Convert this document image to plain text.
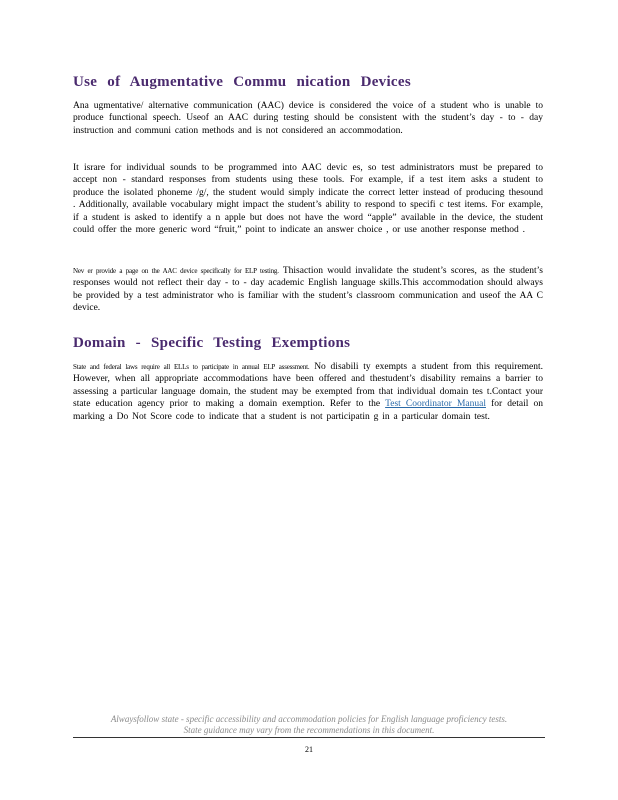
Use of Augmentative Commu nication Devices
Ana ugmentative/ alternative communication (AAC) device is considered the voice of a student who is unable to produce functional speech. Useof an AAC during testing should be consistent with the student’s day - to - day instruction and communi cation methods and is not considered an accommodation.
It israre for individual sounds to be programmed into AAC devic es, so test administrators must be prepared to accept non - standard responses from students using these tools. For example, if a test item asks a student to produce the isolated phoneme /g/, the student would simply indicate the correct letter instead of producing thesound . Additionally, available vocabulary might impact the student’s ability to respond to specifi c test items. For example, if a student is asked to identify a n apple but does not have the word “apple” available in the device, the student could offer the more generic word “fruit,” point to indicate an answer choice , or use another response method .
Nev er provide a page on the AAC device specifically for ELP testing. Thisaction would invalidate the student’s scores, as the student’s responses would not reflect their day - to - day academic English language skills.This accommodation should always be provided by a test administrator who is familiar with the student’s classroom communication and useof the AA C device.
Domain - Specific Testing Exemptions
State and federal laws require all ELLs to participate in annual ELP assessment. No disabili ty exempts a student from this requirement. However, when all appropriate accommodations have been offered and thestudent’s disability remains a barrier to assessing a particular language domain, the student may be exempted from that individual domain tes t.Contact your state education agency prior to making a domain exemption. Refer to the Test Coordinator Manual for detail on marking a Do Not Score code to indicate that a student is not participatin g in a particular domain test.
Alwaysfollow state - specific accessibility and accommodation policies for English language proficiency tests.
State guidance may vary from the recommendations in this document.
21
